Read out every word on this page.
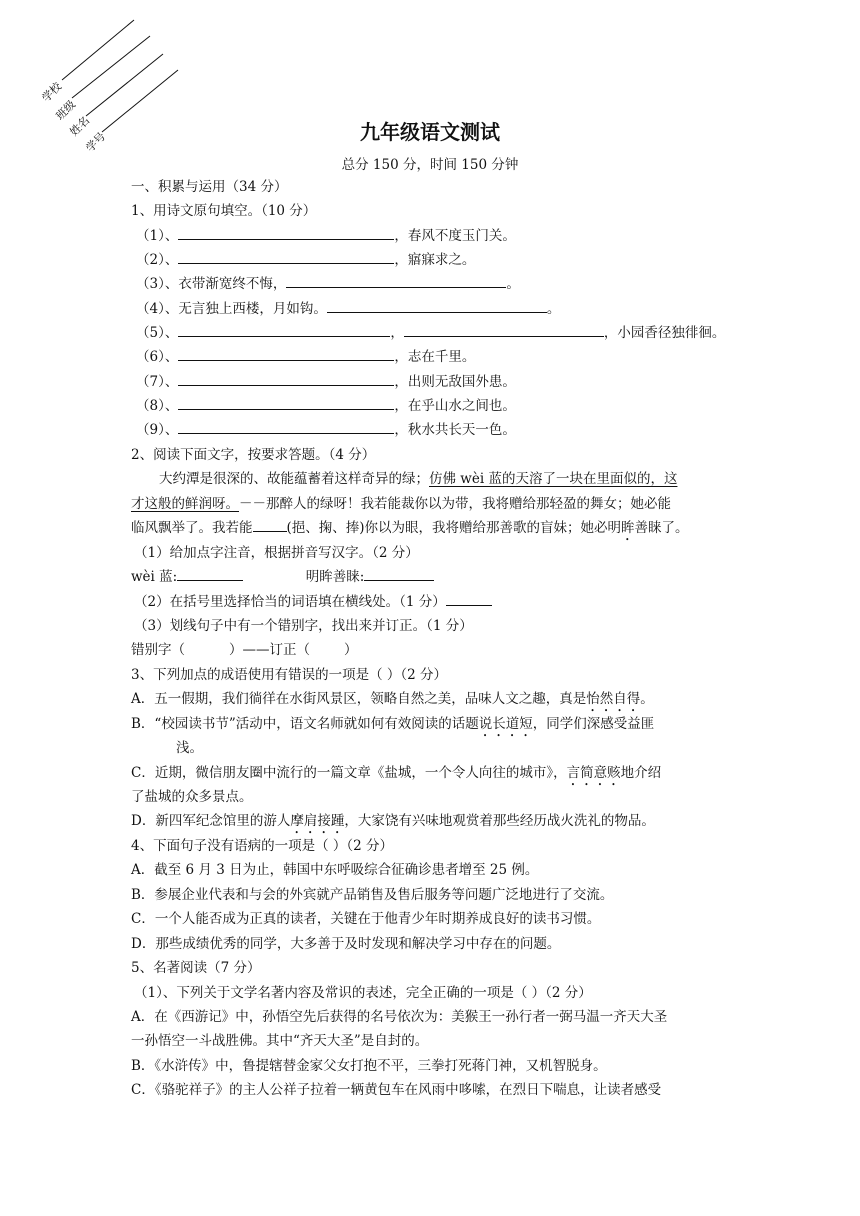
学校
班级
姓名
学号	九年级语文测试
总分 150 分，时间 150 分钟
一、积累与运用（34 分）
1、用诗文原句填空。（10 分）
（1）、	，春风不度玉门关。
（2）、	，寤寐求之。
（3）、衣带渐宽终不悔，	。
（4）、无言独上西楼，月如钩。	。
（5）、	，	，小园香径独徘徊。
（6）、	，志在千里。
（7）、	，出则无敌国外患。
（8）、	，在乎山水之间也。
（9）、	，秋水共长天一色。
2、阅读下面文字，按要求答题。（4 分）
大约潭是很深的、故能蕴蓄着这样奇异的绿；仿佛 wèi 蓝的天溶了一块在里面似的，这
才这般的鲜润呀。－－那醉人的绿呀！我若能裁你以为带，我将赠给那轻盈的舞女；她必能
临风飘举了。我若能	(挹、掬、捧)你以为眼，我将赠给那善歌的盲妹；她必明眸善睐了。
（1）给加点字注音，根据拼音写汉字。（2 分）
wèi 蓝:	明眸善睐:
（2）在括号里选择恰当的词语填在横线处。（1 分）
（3）划线句子中有一个错别字，找出来并订正。（1 分）
错别字（	）——订正（	）
3、下列加点的成语使用有错误的一项是（ ）（2 分）
A．五一假期，我们徜徉在水街风景区，领略自然之美，品味人文之趣，真是怡然自得。
B．“校园读书节”活动中，语文名师就如何有效阅读的话题说长道短，同学们深感受益匪
浅。
C．近期，微信朋友圈中流行的一篇文章《盐城，一个令人向往的城市》，言简意赅地介绍
了盐城的众多景点。
D．新四军纪念馆里的游人摩肩接踵，大家饶有兴味地观赏着那些经历战火洗礼的物品。
4、下面句子没有语病的一项是（ ）（2 分）
A．截至 6 月 3 日为止，韩国中东呼吸综合征确诊患者增至 25 例。
B．参展企业代表和与会的外宾就产品销售及售后服务等问题广泛地进行了交流。
C．一个人能否成为正真的读者，关键在于他青少年时期养成良好的读书习惯。
D．那些成绩优秀的同学，大多善于及时发现和解决学习中存在的问题。
5、名著阅读（7 分）
（1）、下列关于文学名著内容及常识的表述，完全正确的一项是（ ）（2 分）
A．在《西游记》中，孙悟空先后获得的名号依次为：美猴王一孙行者一弼马温一齐天大圣
一孙悟空一斗战胜佛。其中“齐天大圣”是自封的。
B．《水浒传》中，鲁提辖替金家父女打抱不平，三拳打死蒋门神，又机智脱身。
C．《骆驼祥子》的主人公祥子拉着一辆黄包车在风雨中哆嗦，在烈日下喘息，让读者感受
